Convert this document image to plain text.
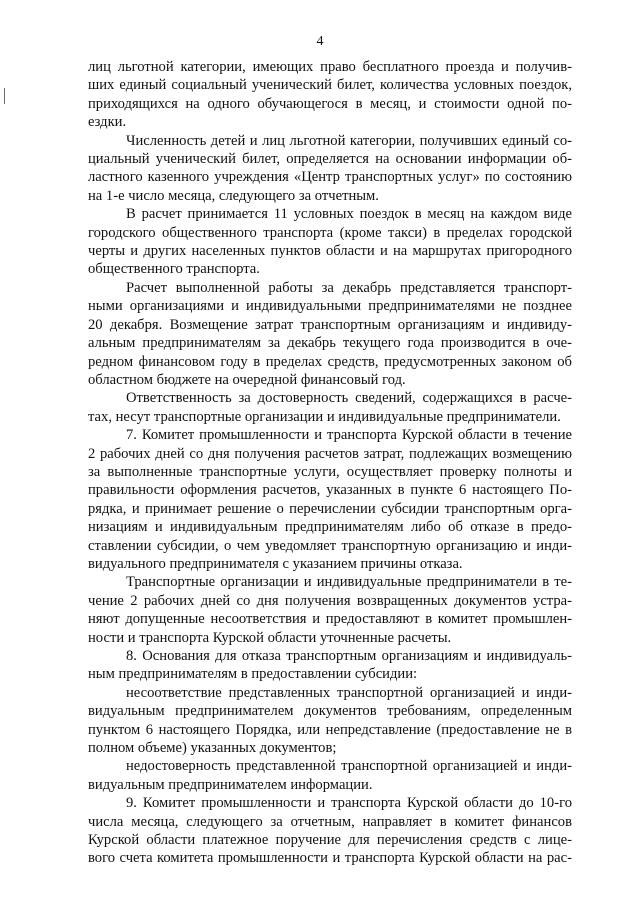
4
лиц льготной категории, имеющих право бесплатного проезда и получив-
ших единый социальный ученический билет, количества условных поездок,
приходящихся на одного обучающегося в месяц, и стоимости одной по-
ездки.
Численность детей и лиц льготной категории, получивших единый со-
циальный ученический билет, определяется на основании информации об-
ластного казенного учреждения «Центр транспортных услуг» по состоянию
на 1-е число месяца, следующего за отчетным.
В расчет принимается 11 условных поездок в месяц на каждом виде
городского общественного транспорта (кроме такси) в пределах городской
черты и других населенных пунктов области и на маршрутах пригородного
общественного транспорта.
Расчет выполненной работы за декабрь представляется транспорт-
ными организациями и индивидуальными предпринимателями не позднее
20 декабря. Возмещение затрат транспортным организациям и индивиду-
альным предпринимателям за декабрь текущего года производится в оче-
редном финансовом году в пределах средств, предусмотренных законом об
областном бюджете на очередной финансовый год.
Ответственность за достоверность сведений, содержащихся в расче-
тах, несут транспортные организации и индивидуальные предприниматели.
7. Комитет промышленности и транспорта Курской области в течение
2 рабочих дней со дня получения расчетов затрат, подлежащих возмещению
за выполненные транспортные услуги, осуществляет проверку полноты и
правильности оформления расчетов, указанных в пункте 6 настоящего По-
рядка, и принимает решение о перечислении субсидии транспортным орга-
низациям и индивидуальным предпринимателям либо об отказе в предо-
ставлении субсидии, о чем уведомляет транспортную организацию и инди-
видуального предпринимателя с указанием причины отказа.
Транспортные организации и индивидуальные предприниматели в те-
чение 2 рабочих дней со дня получения возвращенных документов устра-
няют допущенные несоответствия и предоставляют в комитет промышлен-
ности и транспорта Курской области уточненные расчеты.
8. Основания для отказа транспортным организациям и индивидуаль-
ным предпринимателям в предоставлении субсидии:
несоответствие представленных транспортной организацией и инди-
видуальным предпринимателем документов требованиям, определенным
пунктом 6 настоящего Порядка, или непредставление (предоставление не в
полном объеме) указанных документов;
недостоверность представленной транспортной организацией и инди-
видуальным предпринимателем информации.
9. Комитет промышленности и транспорта Курской области до 10-го
числа месяца, следующего за отчетным, направляет в комитет финансов
Курской области платежное поручение для перечисления средств с лице-
вого счета комитета промышленности и транспорта Курской области на рас-
